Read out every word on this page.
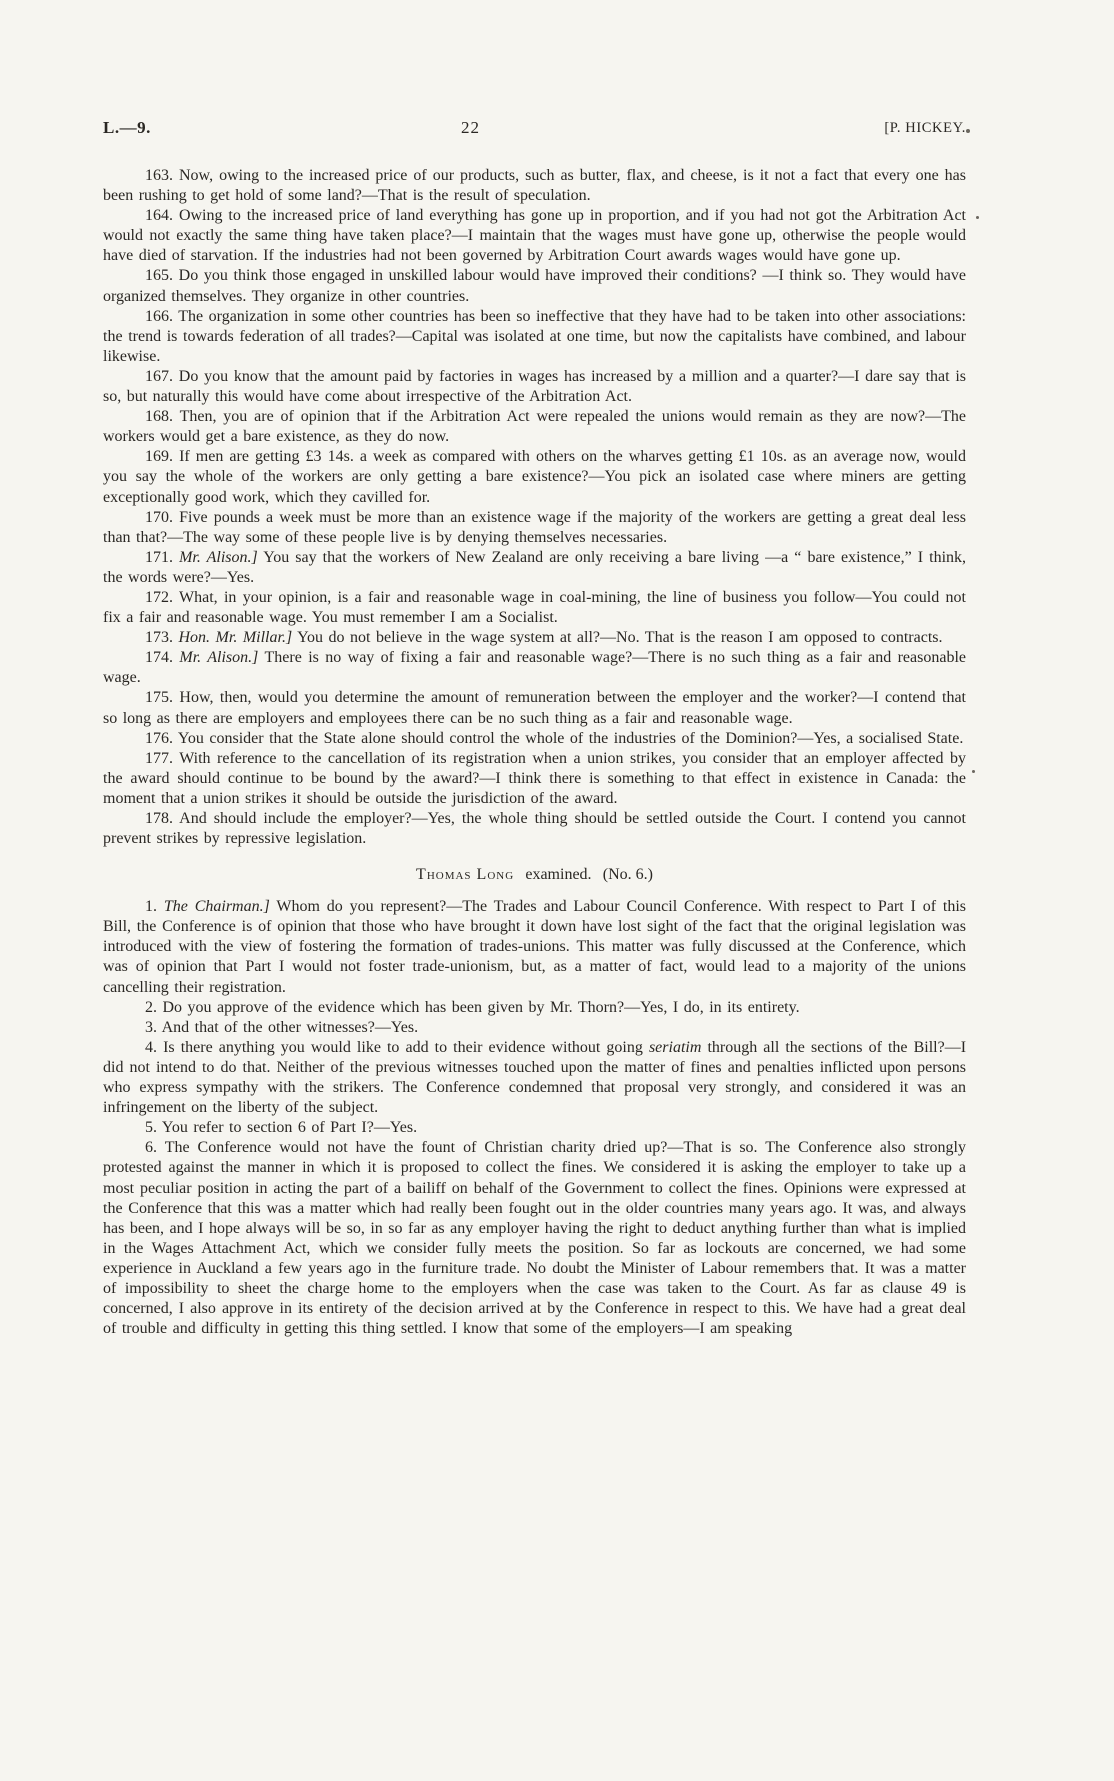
L.—9.	22	[P. HICKEY.

163. Now, owing to the increased price of our products, such as butter, flax, and cheese, is it not a fact that every one has been rushing to get hold of some land?—That is the result of speculation.

164. Owing to the increased price of land everything has gone up in proportion, and if you had not got the Arbitration Act would not exactly the same thing have taken place?—I maintain that the wages must have gone up, otherwise the people would have died of starvation. If the industries had not been governed by Arbitration Court awards wages would have gone up.

165. Do you think those engaged in unskilled labour would have improved their conditions? —I think so. They would have organized themselves. They organize in other countries.

166. The organization in some other countries has been so ineffective that they have had to be taken into other associations: the trend is towards federation of all trades?—Capital was isolated at one time, but now the capitalists have combined, and labour likewise.

167. Do you know that the amount paid by factories in wages has increased by a million and a quarter?—I dare say that is so, but naturally this would have come about irrespective of the Arbitration Act.

168. Then, you are of opinion that if the Arbitration Act were repealed the unions would remain as they are now?—The workers would get a bare existence, as they do now.

169. If men are getting £3 14s. a week as compared with others on the wharves getting £1 10s. as an average now, would you say the whole of the workers are only getting a bare existence?—You pick an isolated case where miners are getting exceptionally good work, which they cavilled for.

170. Five pounds a week must be more than an existence wage if the majority of the workers are getting a great deal less than that?—The way some of these people live is by denying themselves necessaries.

171. Mr. Alison.] You say that the workers of New Zealand are only receiving a bare living —a “ bare existence,” I think, the words were?—Yes.

172. What, in your opinion, is a fair and reasonable wage in coal-mining, the line of business you follow—You could not fix a fair and reasonable wage. You must remember I am a Socialist.

173. Hon. Mr. Millar.] You do not believe in the wage system at all?—No. That is the reason I am opposed to contracts.

174. Mr. Alison.] There is no way of fixing a fair and reasonable wage?—There is no such thing as a fair and reasonable wage.

175. How, then, would you determine the amount of remuneration between the employer and the worker?—I contend that so long as there are employers and employees there can be no such thing as a fair and reasonable wage.

176. You consider that the State alone should control the whole of the industries of the Dominion?—Yes, a socialised State.

177. With reference to the cancellation of its registration when a union strikes, you consider that an employer affected by the award should continue to be bound by the award?—I think there is something to that effect in existence in Canada: the moment that a union strikes it should be outside the jurisdiction of the award.

178. And should include the employer?—Yes, the whole thing should be settled outside the Court. I contend you cannot prevent strikes by repressive legislation.

Thomas Long examined. (No. 6.)

1. The Chairman.] Whom do you represent?—The Trades and Labour Council Conference. With respect to Part I of this Bill, the Conference is of opinion that those who have brought it down have lost sight of the fact that the original legislation was introduced with the view of fostering the formation of trades-unions. This matter was fully discussed at the Conference, which was of opinion that Part I would not foster trade-unionism, but, as a matter of fact, would lead to a majority of the unions cancelling their registration.

2. Do you approve of the evidence which has been given by Mr. Thorn?—Yes, I do, in its entirety.

3. And that of the other witnesses?—Yes.

4. Is there anything you would like to add to their evidence without going seriatim through all the sections of the Bill?—I did not intend to do that. Neither of the previous witnesses touched upon the matter of fines and penalties inflicted upon persons who express sympathy with the strikers. The Conference condemned that proposal very strongly, and considered it was an infringement on the liberty of the subject.

5. You refer to section 6 of Part I?—Yes.

6. The Conference would not have the fount of Christian charity dried up?—That is so. The Conference also strongly protested against the manner in which it is proposed to collect the fines. We considered it is asking the employer to take up a most peculiar position in acting the part of a bailiff on behalf of the Government to collect the fines. Opinions were expressed at the Conference that this was a matter which had really been fought out in the older countries many years ago. It was, and always has been, and I hope always will be so, in so far as any employer having the right to deduct anything further than what is implied in the Wages Attachment Act, which we consider fully meets the position. So far as lockouts are concerned, we had some experience in Auckland a few years ago in the furniture trade. No doubt the Minister of Labour remembers that. It was a matter of impossibility to sheet the charge home to the employers when the case was taken to the Court. As far as clause 49 is concerned, I also approve in its entirety of the decision arrived at by the Conference in respect to this. We have had a great deal of trouble and difficulty in getting this thing settled. I know that some of the employers—I am speaking
